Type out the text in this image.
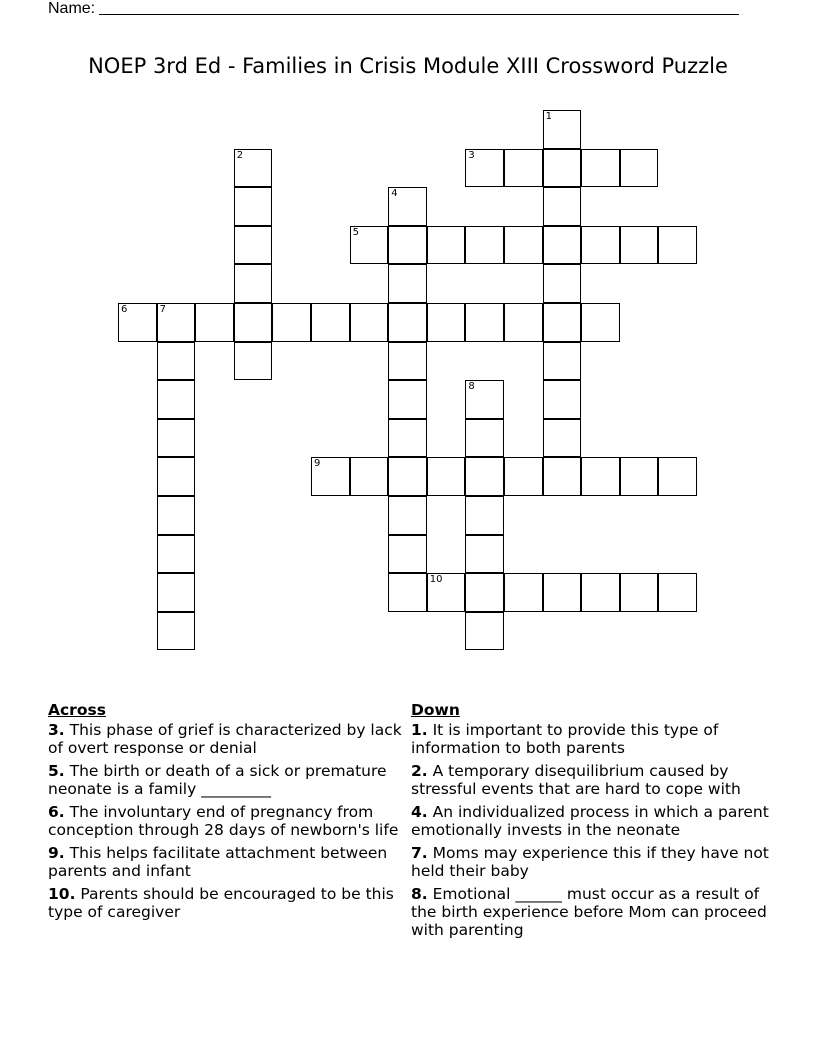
Name:
NOEP 3rd Ed - Families in Crisis Module XIII Crossword Puzzle
1
2	3
4
5
6	7
8
9
10
Across
3. This phase of grief is characterized by lack of overt response or denial
5. The birth or death of a sick or premature neonate is a family _________
6. The involuntary end of pregnancy from conception through 28 days of newborn's life
9. This helps facilitate attachment between parents and infant
10. Parents should be encouraged to be this type of caregiver
Down
1. It is important to provide this type of information to both parents
2. A temporary disequilibrium caused by stressful events that are hard to cope with
4. An individualized process in which a parent emotionally invests in the neonate
7. Moms may experience this if they have not held their baby
8. Emotional ______ must occur as a result of the birth experience before Mom can proceed with parenting
